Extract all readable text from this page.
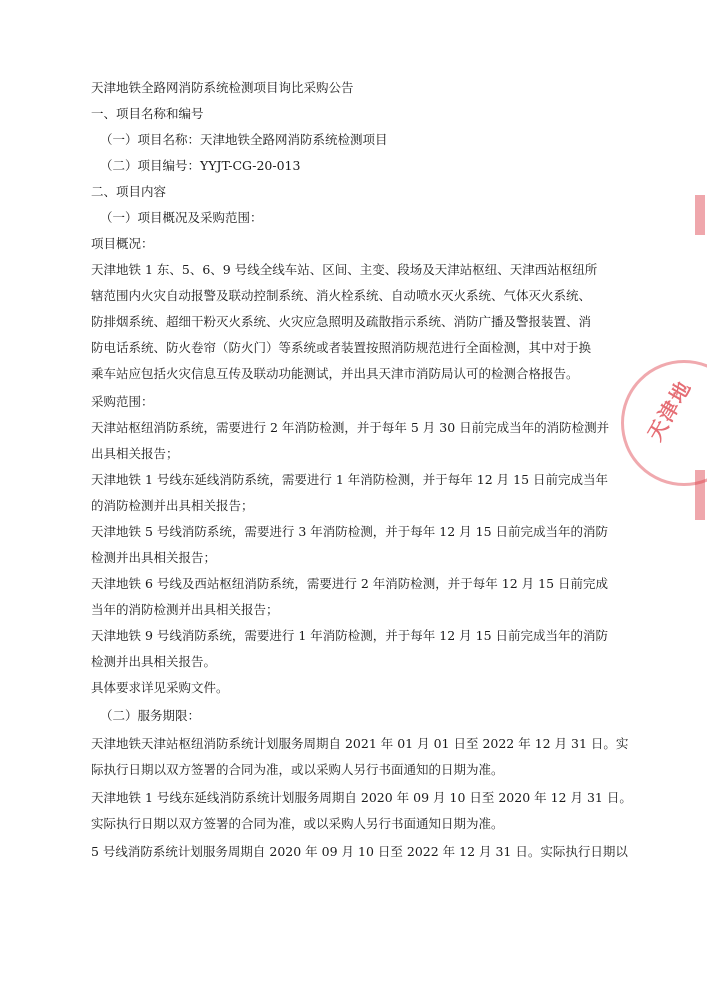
天津地铁全路网消防系统检测项目询比采购公告
一、项目名称和编号
（一）项目名称：天津地铁全路网消防系统检测项目
（二）项目编号：YYJT-CG-20-013
二、项目内容
（一）项目概况及采购范围：
项目概况：
天津地铁 1 东、5、6、9 号线全线车站、区间、主变、段场及天津站枢纽、天津西站枢纽所
辖范围内火灾自动报警及联动控制系统、消火栓系统、自动喷水灭火系统、气体灭火系统、
防排烟系统、超细干粉灭火系统、火灾应急照明及疏散指示系统、消防广播及警报装置、消
防电话系统、防火卷帘（防火门）等系统或者装置按照消防规范进行全面检测，其中对于换
乘车站应包括火灾信息互传及联动功能测试，并出具天津市消防局认可的检测合格报告。
采购范围：
天津站枢纽消防系统，需要进行 2 年消防检测，并于每年 5 月 30 日前完成当年的消防检测并
出具相关报告；
天津地铁 1 号线东延线消防系统，需要进行 1 年消防检测，并于每年 12 月 15 日前完成当年
的消防检测并出具相关报告；
天津地铁 5 号线消防系统，需要进行 3 年消防检测，并于每年 12 月 15 日前完成当年的消防
检测并出具相关报告；
天津地铁 6 号线及西站枢纽消防系统，需要进行 2 年消防检测，并于每年 12 月 15 日前完成
当年的消防检测并出具相关报告；
天津地铁 9 号线消防系统，需要进行 1 年消防检测，并于每年 12 月 15 日前完成当年的消防
检测并出具相关报告。
具体要求详见采购文件。
（二）服务期限：
天津地铁天津站枢纽消防系统计划服务周期自 2021 年 01 月 01 日至 2022 年 12 月 31 日。实
际执行日期以双方签署的合同为准，或以采购人另行书面通知的日期为准。
天津地铁 1 号线东延线消防系统计划服务周期自 2020 年 09 月 10 日至 2020 年 12 月 31 日。
实际执行日期以双方签署的合同为准，或以采购人另行书面通知日期为准。
5 号线消防系统计划服务周期自 2020 年 09 月 10 日至 2022 年 12 月 31 日。实际执行日期以
天津地
